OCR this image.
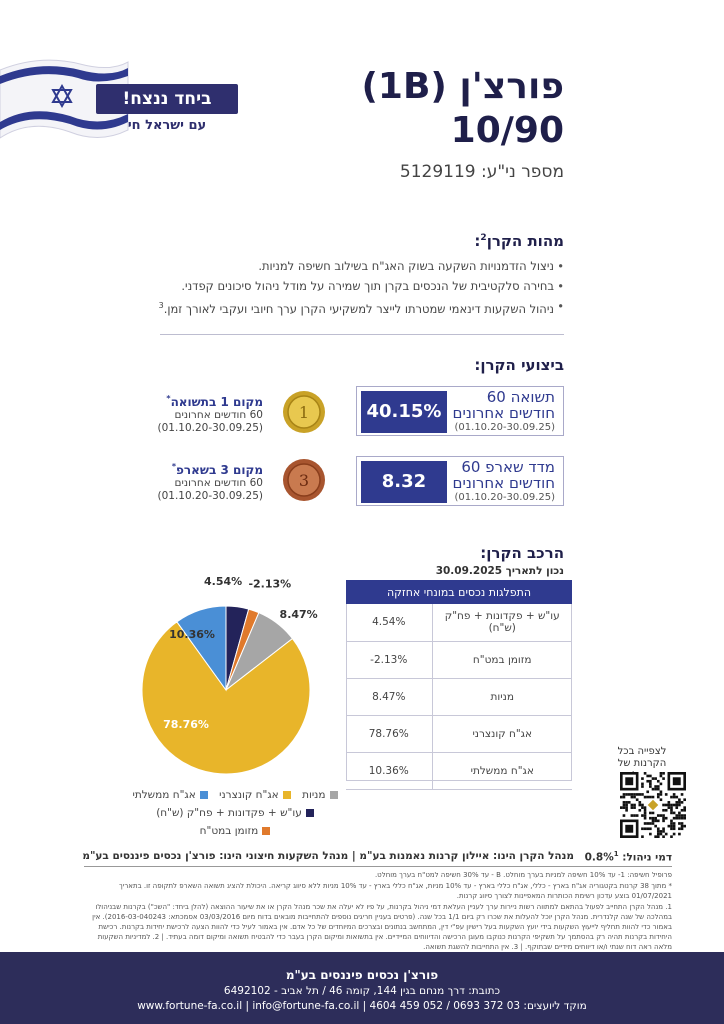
ביחד ננצח!
עם ישראל חי
פורצ'ן (1B)
10/90
מספר ני"ע: 5129119
מהות הקרן$^2$:
• ניצול הזדמנויות השקעה בשוק האג"ח בשילוב חשיפה למניות.
• בחירה סלקטיבית של הנכסים בקרן תוך שמירה על מודל ניהול סיכונים קפדני.
• ניהול השקעות דינאמי שמטרתו לייצר למשקיעי הקרן ערך חיובי ועקבי לאורך זמן.$^3$
ביצועי הקרן:
40.15%
תשואה 60 חודשים אחרונים
(01.10.20-30.09.25)
8.32
מדד שארפ 60 חודשים אחרונים
(01.10.20-30.09.25)
1
3
מקום 1 בתשואה*
60 חודשים אחרונים
(01.10.20-30.09.25)
מקום 3 בשארפ*
60 חודשים אחרונים
(01.10.20-30.09.25)
הרכב הקרן:
נכון לתאריך 30.09.2025
התפלגות נכסים במונחי אחזקה	
עו"ש + פקדונות + פח"ק (ש"ח)	4.54%
מזומן במט"ח	-2.13%
מניות	8.47%
אג"ח קונצרני	78.76%
אג"ח ממשלתי	10.36%
4.54% -2.13%
8.47%
78.76%
10.36%
מניות אג"ח קונצרני אג"ח ממשלתי
עו"ש + פקדונות + פח"ק (ש"ח) מזומן במט"ח
לצפייה בכל הקרנות של
דמי ניהול: 0.8%$^1$
מנהל הקרן הינו: איילון קרנות נאמנות בע"מ | מנהל השקעות חיצוני הינו: פורצ'ן נכסים פיננסים בע"מ
פרופיל חשיפה: 1- עד 10% חשיפה למניות בערך מוחלט. B - עד 30% חשיפה למט"ח בערך מוחלט.
* מתוך 38 קרנות בקטגוריה אג"ח בארץ - כללי, אג"ח כללי בארץ - עד 10% מניות, אג"ח כללי בארץ - עד 10% מניות ללא סיווג קריאה. היכולת להציג תשואה השארפ לתקופה זו. בתאריך 01/07/2021 בוצע עדכון רשימת הכותרות המאפיינות לצורך סיווג קרנות.
1. מנהל הקרן התחייב לפעול בהתאם למתווה רשות ניירות ערך לעניין העלאת דמי ניהול בקרנות, על פיו לא יעלה את שכר מנהל הקרן או את שיעור ההוצאה (להלן ביחד: "השכ") בקרנות שבניהולו במהלכה של שנה קלנדרית. מנהל הקרן יוכל להעלות את שכרו רק ביום 1/1 בכל שנה. (פרטים בעניין חריגים נוספים להתחייבות מובאים בדוח מיום 03/03/2016 אסמכתא: 2016-03-040243). אין באמור כדי להוות תחליף לייעוץ השקעות בידי יועץ השקעות בעל רישיון עפ"י דין, המתחשב בנתונים ובצרכים המיוחדים של כל אדם. אין באמור לעיל כדי להוות הצעה לרכישת יחידות בקרנות. רכישת היחידות בקרנות תהיה רק בהסתמך על תשקיפי הקרנות כנוקבו מעוגן הרכישה והדיווחים המיידיים. אין בתשואות ומיקום הקרן בעבר כדי להבטיח תשואה ומיקום דומה בעתיד. | 2. למדיניות השקעות מלאה ראה דוח שנתי ו/או דיווחים מידיים שבתוקף. | 3. אין התחייבות להשגת תשואה.
פורצ'ן נכסים פיננסים בע"מ
כתובת: דרך מנחם בגין 144, קומה 46 / תל אביב - 6492102
מוקד ליועצים: 03 372 0693 / 052 459 4604 | www.fortune-fa.co.il | info@fortune-fa.co.il
